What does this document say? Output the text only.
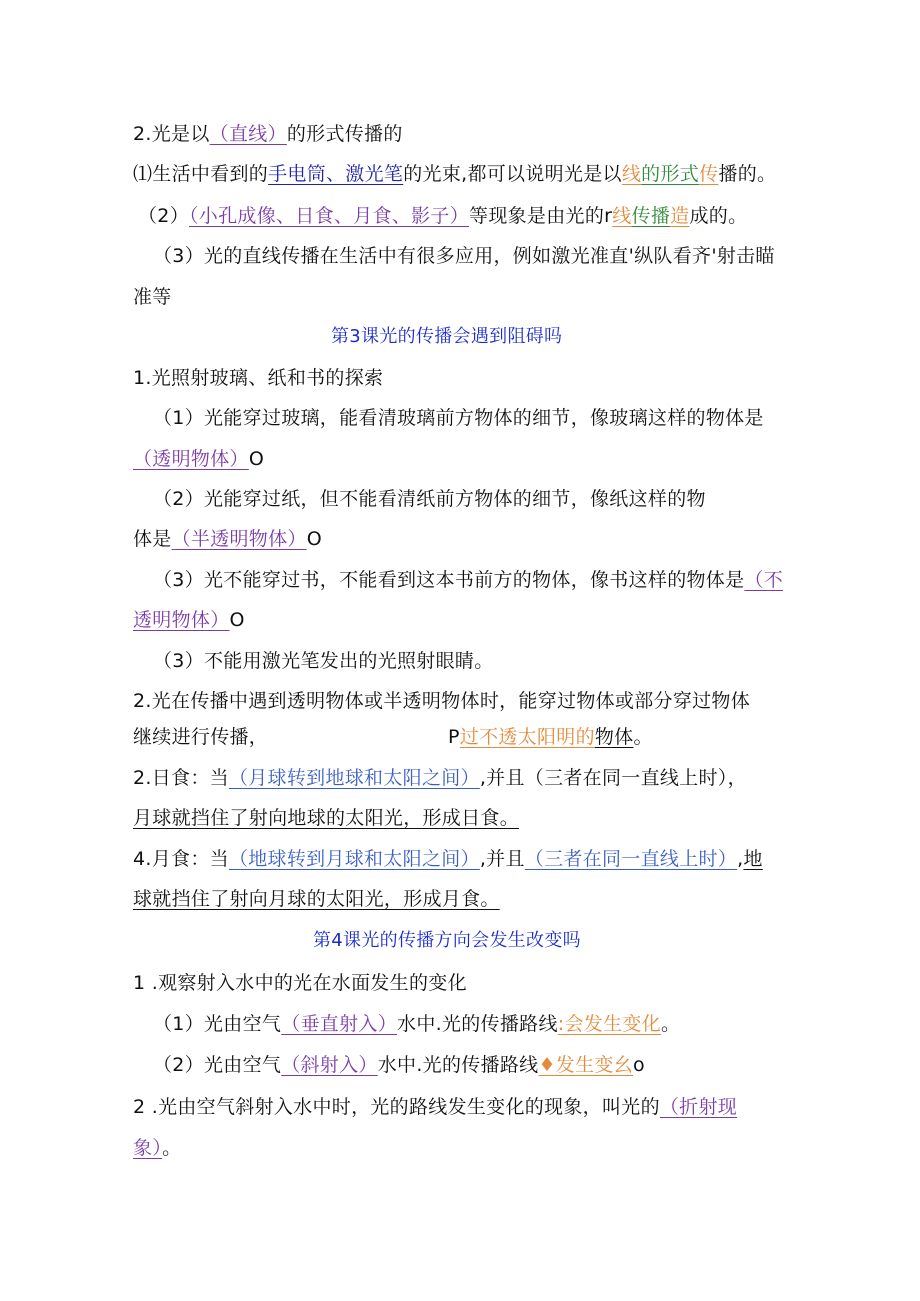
2.光是以（直线）的形式传播的

⑴生活中看到的手电筒、激光笔的光束,都可以说明光是以线的形式传播的。

（2）（小孔成像、日食、月食、影子）等现象是由光的r线传播造成的。

（3）光的直线传播在生活中有很多应用，例如激光准直'纵队看齐'射击瞄

准等

第3课光的传播会遇到阻碍吗

1.光照射玻璃、纸和书的探索

（1）光能穿过玻璃，能看清玻璃前方物体的细节，像玻璃这样的物体是

（透明物体）O

（2）光能穿过纸，但不能看清纸前方物体的细节，像纸这样的物

体是（半透明物体）O

（3）光不能穿过书，不能看到这本书前方的物体，像书这样的物体是（不

透明物体）O

（3）不能用激光笔发出的光照射眼睛。

2.光在传播中遇到透明物体或半透明物体时，能穿过物体或部分穿过物体

继续进行传播，	P过不透太阳明的物体。

2.日食：当（月球转到地球和太阳之间）,并且（三者在同一直线上时），

月球就挡住了射向地球的太阳光，形成日食。

4.月食：当（地球转到月球和太阳之间）,并且（三者在同一直线上时）,地

球就挡住了射向月球的太阳光，形成月食。

第4课光的传播方向会发生改变吗

1 .观察射入水中的光在水面发生的变化

（1）光由空气（垂直射入）水中.光的传播路线:会发生变化。

（2）光由空气（斜射入）水中.光的传播路线♦发生变幺o

2 .光由空气斜射入水中时，光的路线发生变化的现象，叫光的（折射现

象）。
